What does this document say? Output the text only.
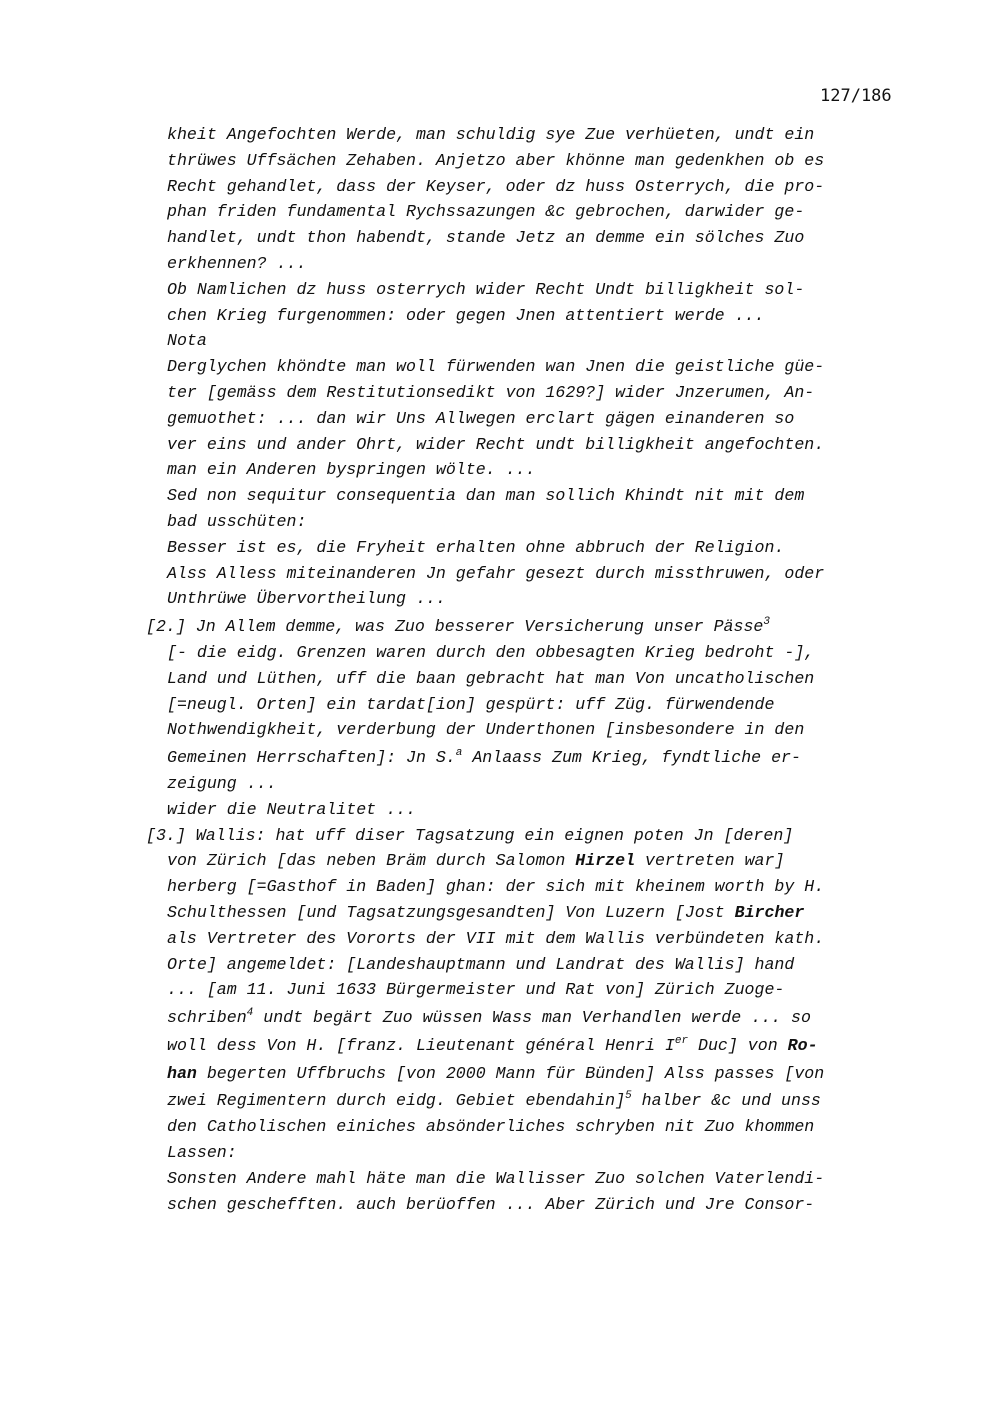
127/186
kheit Angefochten Werde, man schuldig sye Zue verhüeten, undt ein
thrüwes Uffsächen Zehaben. Anjetzo aber khönne man gedenkhen ob es
Recht gehandlet, dass der Keyser, oder dz huss Osterrych, die pro-
phan friden fundamental Rychssazungen &c gebrochen, darwider ge-
handlet, undt thon habendt, stande Jetz an demme ein sölches Zuo
erkhennen? ...
Ob Namlichen dz huss osterrych wider Recht Undt billigkheit sol-
chen Krieg furgenommen: oder gegen Jnen attentiert werde ...
Nota
Derglychen khöndte man woll fürwenden wan Jnen die geistliche güe-
ter [gemäss dem Restitutionsedikt von 1629?] wider Jnzerumen, An-
gemuothet: ... dan wir Uns Allwegen erclart gägen einanderen so
ver eins und ander Ohrt, wider Recht undt billigkheit angefochten.
man ein Anderen byspringen wölte. ...
Sed non sequitur consequentia dan man sollich Khindt nit mit dem
bad usschüten:
Besser ist es, die Fryheit erhalten ohne abbruch der Religion.
Alss Alless miteinanderen Jn gefahr gesezt durch missthruwen, oder
Unthrüwe Übervortheilung ...
[2.] Jn Allem demme, was Zuo besserer Versicherung unser Pässe$^3$
[- die eidg. Grenzen waren durch den obbesagten Krieg bedroht -],
Land und Lüthen, uff die baan gebracht hat man Von uncatholischen
[=neugl. Orten] ein tardat[ion] gespürt: uff Züg. fürwendende
Nothwendigkheit, verderbung der Underthonen [insbesondere in den
Gemeinen Herrschaften]: Jn S.$^a$ Anlaass Zum Krieg, fyndtliche er-
zeigung ...
wider die Neutralitet ...
[3.] Wallis: hat uff diser Tagsatzung ein eignen poten Jn [deren]
von Zürich [das neben Bräm durch Salomon Hirzel vertreten war]
herberg [=Gasthof in Baden] ghan: der sich mit kheinem worth by H.
Schulthessen [und Tagsatzungsgesandten] Von Luzern [Jost Bircher
als Vertreter des Vororts der VII mit dem Wallis verbündeten kath.
Orte] angemeldet: [Landeshauptmann und Landrat des Wallis] hand
... [am 11. Juni 1633 Bürgermeister und Rat von] Zürich Zuoge-
schriben$^4$ undt begärt Zuo wüssen Wass man Verhandlen werde ... so
woll dess Von H. [franz. Lieutenant général Henri Ier Duc] von Ro-
han begerten Uffbruchs [von 2000 Mann für Bünden] Alss passes [von
zwei Regimentern durch eidg. Gebiet ebendahin]$^5$ halber &c und unss
den Catholischen einiches absönderliches schryben nit Zuo khommen
Lassen:
Sonsten Andere mahl häte man die Wallisser Zuo solchen Vaterlendi-
schen geschefften. auch berüoffen ... Aber Zürich und Jre Consor-
